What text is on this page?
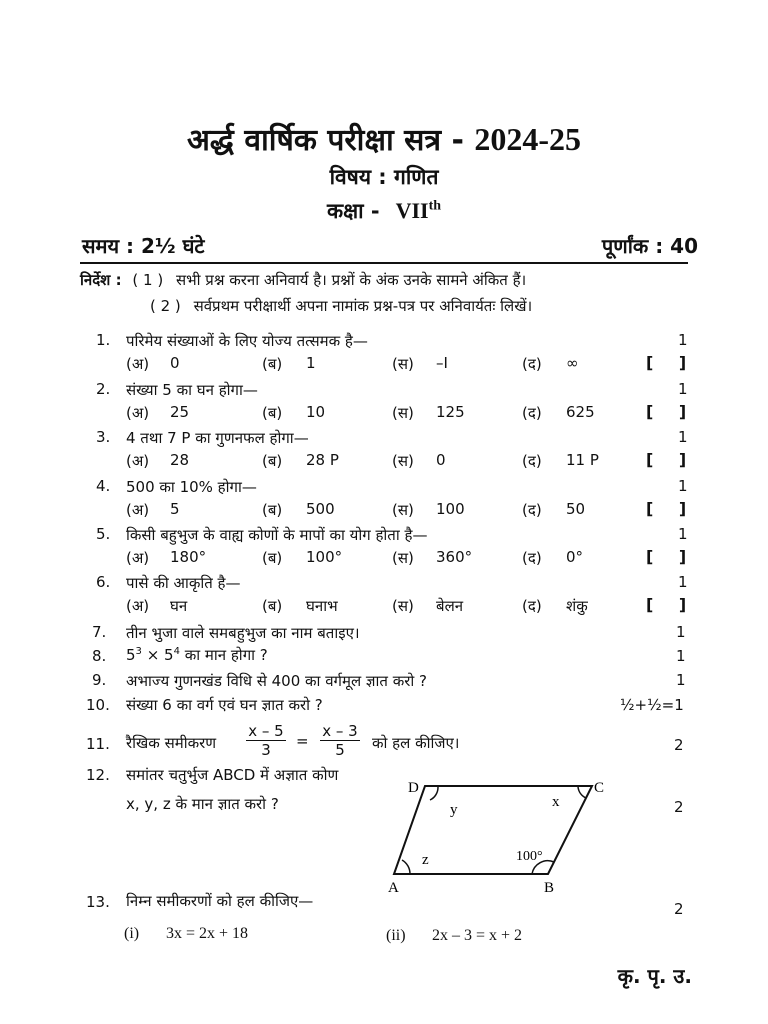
अर्द्ध वार्षिक परीक्षा सत्र - 2024-25
विषय : गणित
कक्षा - VIIth
समय : 2½ घंटे	पूर्णांक : 40
निर्देश : ( 1 ) सभी प्रश्न करना अनिवार्य है। प्रश्नों के अंक उनके सामने अंकित हैं।
( 2 ) सर्वप्रथम परीक्षार्थी अपना नामांक प्रश्न-पत्र पर अनिवार्यतः लिखें।
1. परिमेय संख्याओं के लिए योज्य तत्समक है—	1
(अ) 0	(ब) 1	(स) –I	(द) ∞	[ ]
2. संख्या 5 का घन होगा—	1
(अ) 25	(ब) 10	(स) 125	(द) 625	[ ]
3. 4 तथा 7 P का गुणनफल होगा—	1
(अ) 28	(ब) 28 P	(स) 0	(द) 11 P	[ ]
4. 500 का 10% होगा—	1
(अ) 5	(ब) 500	(स) 100	(द) 50	[ ]
5. किसी बहुभुज के वाह्य कोणों के मापों का योग होता है—	1
(अ) 180°	(ब) 100°	(स) 360°	(द) 0°	[ ]
6. पासे की आकृति है—	1
(अ) घन	(ब) घनाभ	(स) बेलन	(द) शंकु	[ ]
7. तीन भुजा वाले समबहुभुज का नाम बताइए।	1
8. $5^3 \times 5^4$ का मान होगा ?	1
9. अभाज्य गुणनखंड विधि से 400 का वर्गमूल ज्ञात करो ?	1
10. संख्या 6 का वर्ग एवं घन ज्ञात करो ?	½+½=1
11. रैखिक समीकरण $\frac{x - 5}{3} = \frac{x - 3}{5}$ को हल कीजिए।	2
12. समांतर चतुर्भुज ABCD में अज्ञात कोण
x, y, z के मान ज्ञात करो ?	2
D	C
A	B
y	x
z	100°
13. निम्न समीकरणों को हल कीजिए—	2
(i) 3x = 2x + 18	(ii) 2x – 3 = x + 2
कृ. पृ. उ.
